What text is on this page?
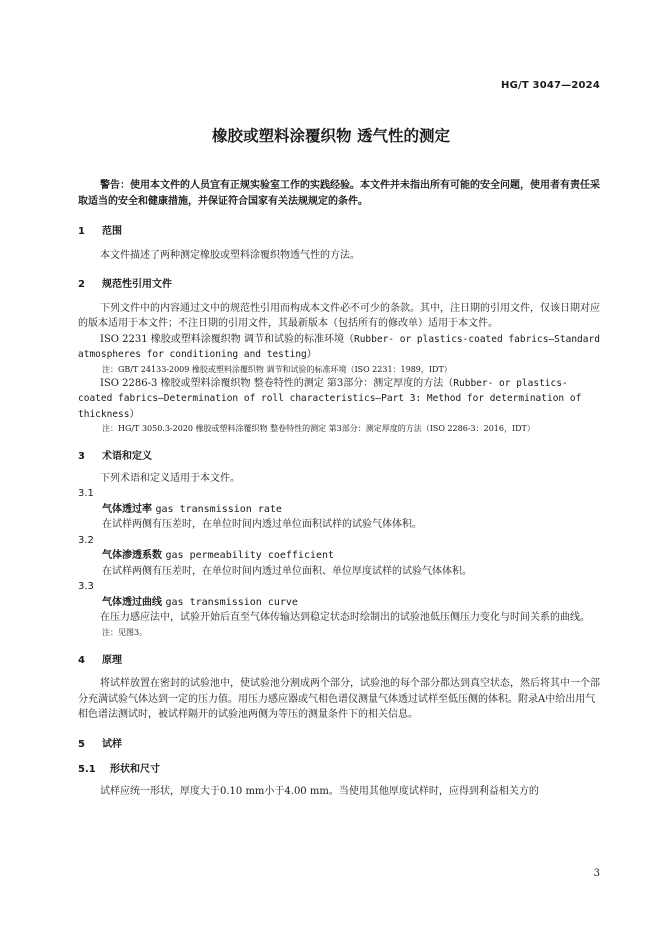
HG/T 3047—2024
橡胶或塑料涂覆织物 透气性的测定

警告：使用本文件的人员宜有正规实验室工作的实践经验。本文件并未指出所有可能的安全问题，使用者有责任采取适当的安全和健康措施，并保证符合国家有关法规规定的条件。

1 范围

本文件描述了两种测定橡胶或塑料涂覆织物透气性的方法。

2 规范性引用文件

下列文件中的内容通过文中的规范性引用而构成本文件必不可少的条款。其中，注日期的引用文件，仅该日期对应的版本适用于本文件；不注日期的引用文件，其最新版本（包括所有的修改单）适用于本文件。

ISO 2231 橡胶或塑料涂覆织物 调节和试验的标准环境（Rubber- or plastics-coated fabrics—Standard atmospheres for conditioning and testing）

注：GB/T 24133-2009 橡胶或塑料涂覆织物 调节和试验的标准环境（ISO 2231：1989，IDT）

ISO 2286-3 橡胶或塑料涂覆织物 整卷特性的测定 第3部分：测定厚度的方法（Rubber- or plastics-coated fabrics—Determination of roll characteristics—Part 3: Method for determination of thickness）

注：HG/T 3050.3-2020 橡胶或塑料涂覆织物 整卷特性的测定 第3部分：测定厚度的方法（ISO 2286-3：2016，IDT）

3 术语和定义

下列术语和定义适用于本文件。

3.1

气体透过率 gas transmission rate

在试样两侧有压差时，在单位时间内透过单位面积试样的试验气体体积。

3.2

气体渗透系数 gas permeability coefficient

在试样两侧有压差时，在单位时间内透过单位面积、单位厚度试样的试验气体体积。

3.3

气体透过曲线 gas transmission curve

在压力感应法中，试验开始后直至气体传输达到稳定状态时绘制出的试验池低压侧压力变化与时间关系的曲线。

注：见图3。

4 原理

将试样放置在密封的试验池中，使试验池分割成两个部分，试验池的每个部分都达到真空状态，然后将其中一个部分充满试验气体达到一定的压力值。用压力感应器或气相色谱仪测量气体透过试样至低压侧的体积。附录A中给出用气相色谱法测试时，被试样隔开的试验池两侧为等压的测量条件下的相关信息。

5 试样

5.1 形状和尺寸

试样应统一形状，厚度大于0.10 mm小于4.00 mm。当使用其他厚度试样时，应得到利益相关方的

3
